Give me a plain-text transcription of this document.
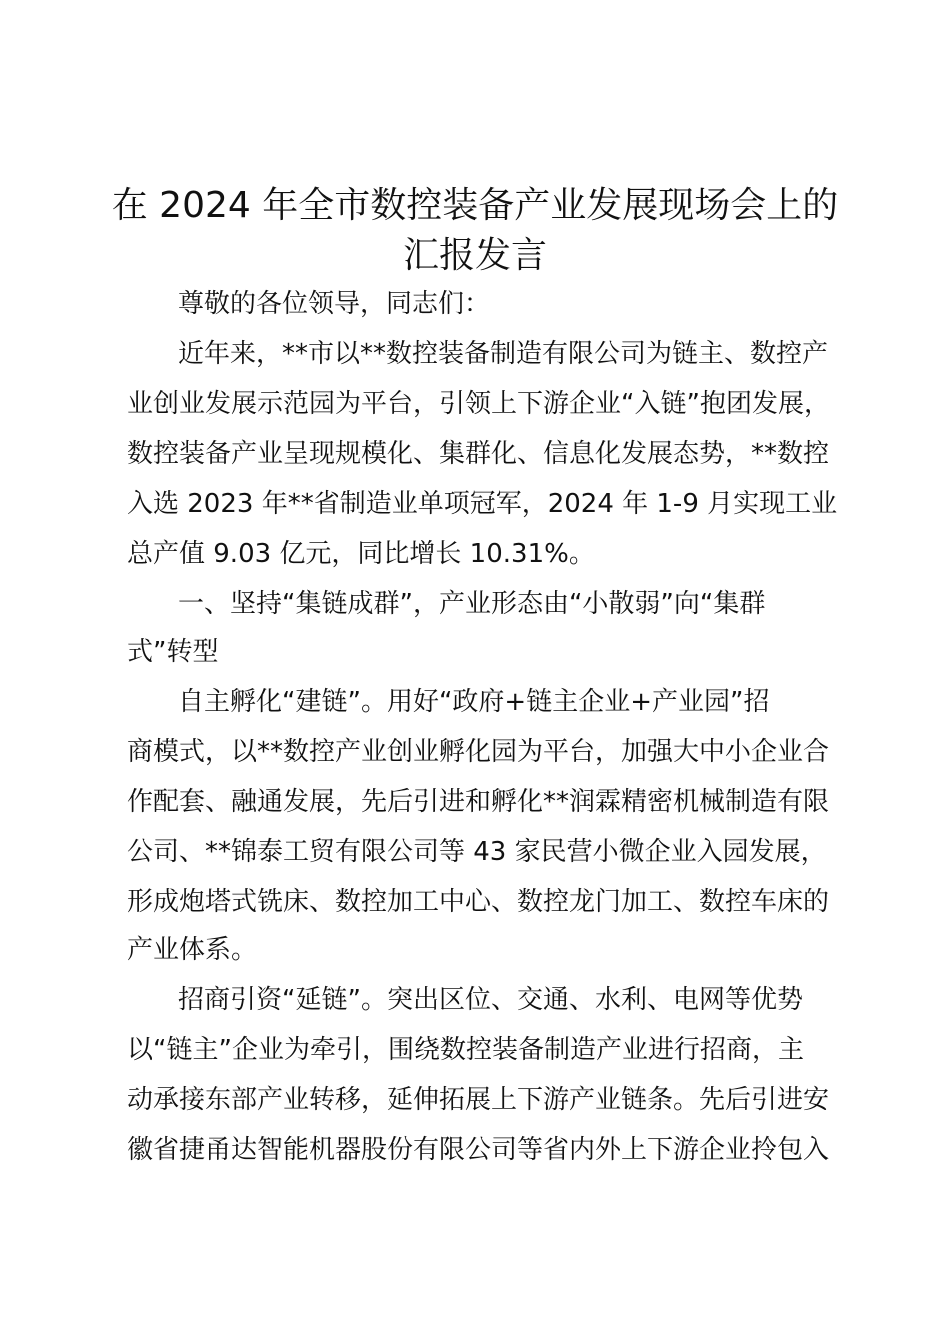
在 2024 年全市数控装备产业发展现场会上的
汇报发言
尊敬的各位领导，同志们：
近年来，**市以**数控装备制造有限公司为链主、数控产
业创业发展示范园为平台，引领上下游企业“入链”抱团发展，
数控装备产业呈现规模化、集群化、信息化发展态势，**数控
入选 2023 年**省制造业单项冠军，2024 年 1-9 月实现工业
总产值 9.03 亿元，同比增长 10.31%。
一、坚持“集链成群”，产业形态由“小散弱”向“集群
式”转型
自主孵化“建链”。用好“政府+链主企业+产业园”招
商模式，以**数控产业创业孵化园为平台，加强大中小企业合
作配套、融通发展，先后引进和孵化**润霖精密机械制造有限
公司、**锦泰工贸有限公司等 43 家民营小微企业入园发展，
形成炮塔式铣床、数控加工中心、数控龙门加工、数控车床的
产业体系。
招商引资“延链”。突出区位、交通、水利、电网等优势
以“链主”企业为牵引，围绕数控装备制造产业进行招商，主
动承接东部产业转移，延伸拓展上下游产业链条。先后引进安
徽省捷甬达智能机器股份有限公司等省内外上下游企业拎包入
